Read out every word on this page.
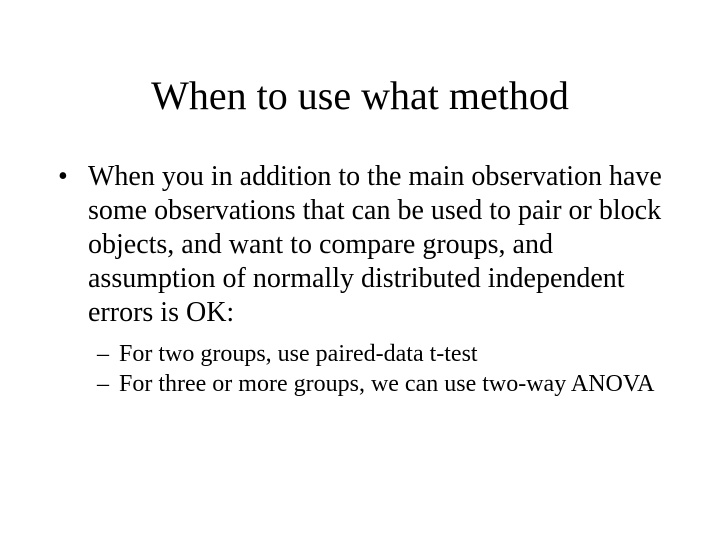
When to use what method

• When you in addition to the main observation have some observations that can be used to pair or block objects, and want to compare groups, and assumption of normally distributed independent errors is OK:

– For two groups, use paired-data t-test

– For three or more groups, we can use two-way ANOVA
